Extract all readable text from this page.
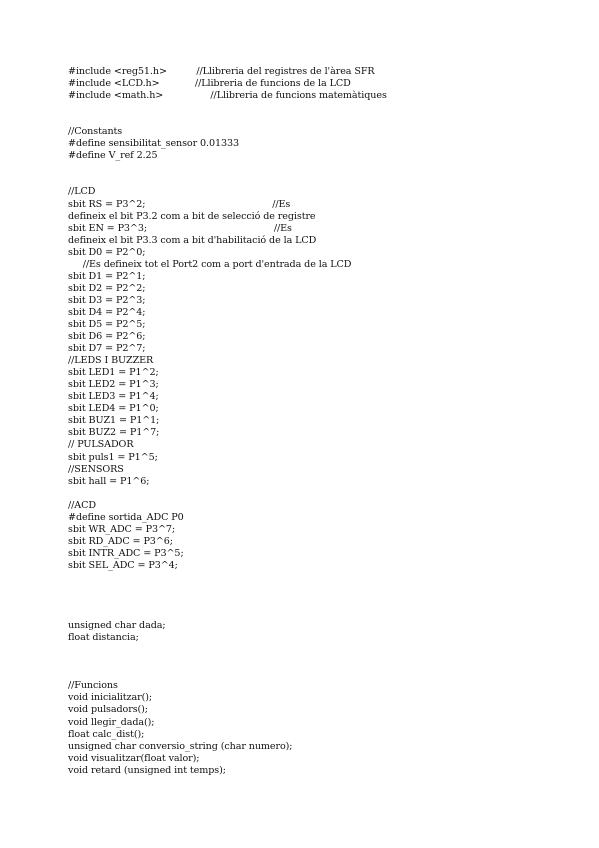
#include <reg51.h>          //Llibreria del registres de l'àrea SFR
#include <LCD.h>            //Llibreria de funcions de la LCD
#include <math.h>                //Llibreria de funcions matemàtiques
//Constants
#define sensibilitat_sensor 0.01333
#define V_ref 2.25
//LCD
sbit RS = P3^2;                                           //Es
defineix el bit P3.2 com a bit de selecció de registre
sbit EN = P3^3;                                           //Es
defineix el bit P3.3 com a bit d'habilitació de la LCD
sbit D0 = P2^0;
//Es defineix tot el Port2 com a port d'entrada de la LCD
sbit D1 = P2^1;
sbit D2 = P2^2;
sbit D3 = P2^3;
sbit D4 = P2^4;
sbit D5 = P2^5;
sbit D6 = P2^6;
sbit D7 = P2^7;
//LEDS I BUZZER
sbit LED1 = P1^2;
sbit LED2 = P1^3;
sbit LED3 = P1^4;
sbit LED4 = P1^0;
sbit BUZ1 = P1^1;
sbit BUZ2 = P1^7;
// PULSADOR
sbit puls1 = P1^5;
//SENSORS
sbit hall = P1^6;
//ACD
#define sortida_ADC P0
sbit WR_ADC = P3^7;
sbit RD_ADC = P3^6;
sbit INTR_ADC = P3^5;
sbit SEL_ADC = P3^4;
unsigned char dada;
float distancia;
//Funcions
void inicialitzar();
void pulsadors();
void llegir_dada();
float calc_dist();
unsigned char conversio_string (char numero);
void visualitzar(float valor);
void retard (unsigned int temps);
